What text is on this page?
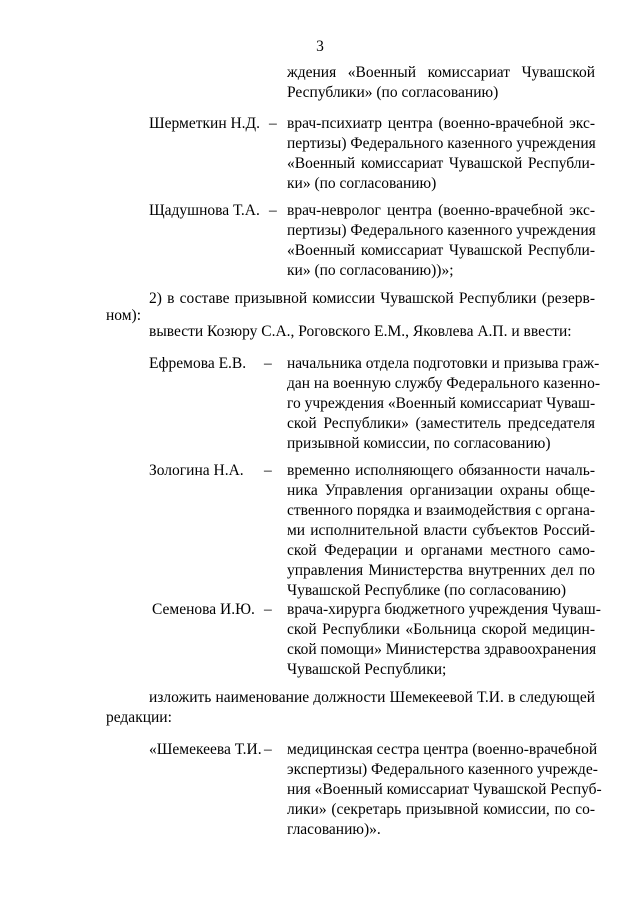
3
ждения «Военный комиссариат Чувашской
Республики» (по согласованию)
Шерметкин Н.Д. – врач-психиатр центра (военно-врачебной экс-
пертизы) Федерального казенного учреждения
«Военный комиссариат Чувашской Республи-
ки» (по согласованию)
Щадушнова Т.А. – врач-невролог центра (военно-врачебной экс-
пертизы) Федерального казенного учреждения
«Военный комиссариат Чувашской Республи-
ки» (по согласованию))»;
2) в составе призывной комиссии Чувашской Республики (резерв-
ном):
вывести Козюру С.А., Роговского Е.М., Яковлева А.П. и ввести:
Ефремова Е.В. – начальника отдела подготовки и призыва граж-
дан на военную службу Федерального казенно-
го учреждения «Военный комиссариат Чуваш-
ской Республики» (заместитель председателя
призывной комиссии, по согласованию)
Зологина Н.А. – временно исполняющего обязанности началь-
ника Управления организации охраны обще-
ственного порядка и взаимодействия с органа-
ми исполнительной власти субъектов Россий-
ской Федерации и органами местного само-
управления Министерства внутренних дел по
Чувашской Республике (по согласованию)
Семенова И.Ю. – врача-хирурга бюджетного учреждения Чуваш-
ской Республики «Больница скорой медицин-
ской помощи» Министерства здравоохранения
Чувашской Республики;
изложить наименование должности Шемекеевой Т.И. в следующей
редакции:
«Шемекеева Т.И. – медицинская сестра центра (военно-врачебной
экспертизы) Федерального казенного учрежде-
ния «Военный комиссариат Чувашской Респуб-
лики» (секретарь призывной комиссии, по со-
гласованию)».
